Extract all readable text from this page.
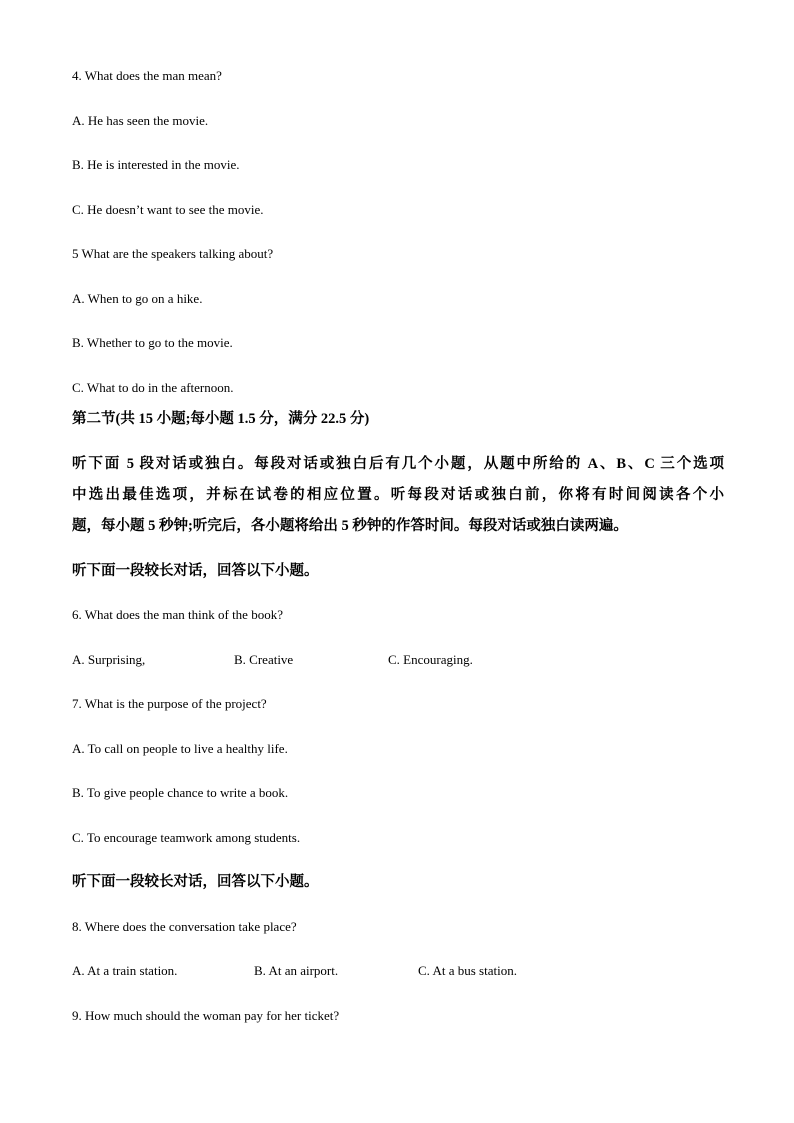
4. What does the man mean?
A. He has seen the movie.
B. He is interested in the movie.
C. He doesn’t want to see the movie.
5 What are the speakers talking about?
A. When to go on a hike.
B. Whether to go to the movie.
C. What to do in the afternoon.
第二节(共 15 小题;每小题 1.5 分，满分 22.5 分)
听下面 5 段对话或独白。每段对话或独白后有几个小题，从题中所给的 A、B、C 三个选项
中选出最佳选项，并标在试卷的相应位置。听每段对话或独白前，你将有时间阅读各个小
题，每小题 5 秒钟;听完后，各小题将给出 5 秒钟的作答时间。每段对话或独白读两遍。
听下面一段较长对话，回答以下小题。
6. What does the man think of the book?
A. Surprising,	B. Creative	C. Encouraging.
7. What is the purpose of the project?
A. To call on people to live a healthy life.
B. To give people chance to write a book.
C. To encourage teamwork among students.
听下面一段较长对话，回答以下小题。
8. Where does the conversation take place?
A. At a train station.	B. At an airport.	C. At a bus station.
9. How much should the woman pay for her ticket?
